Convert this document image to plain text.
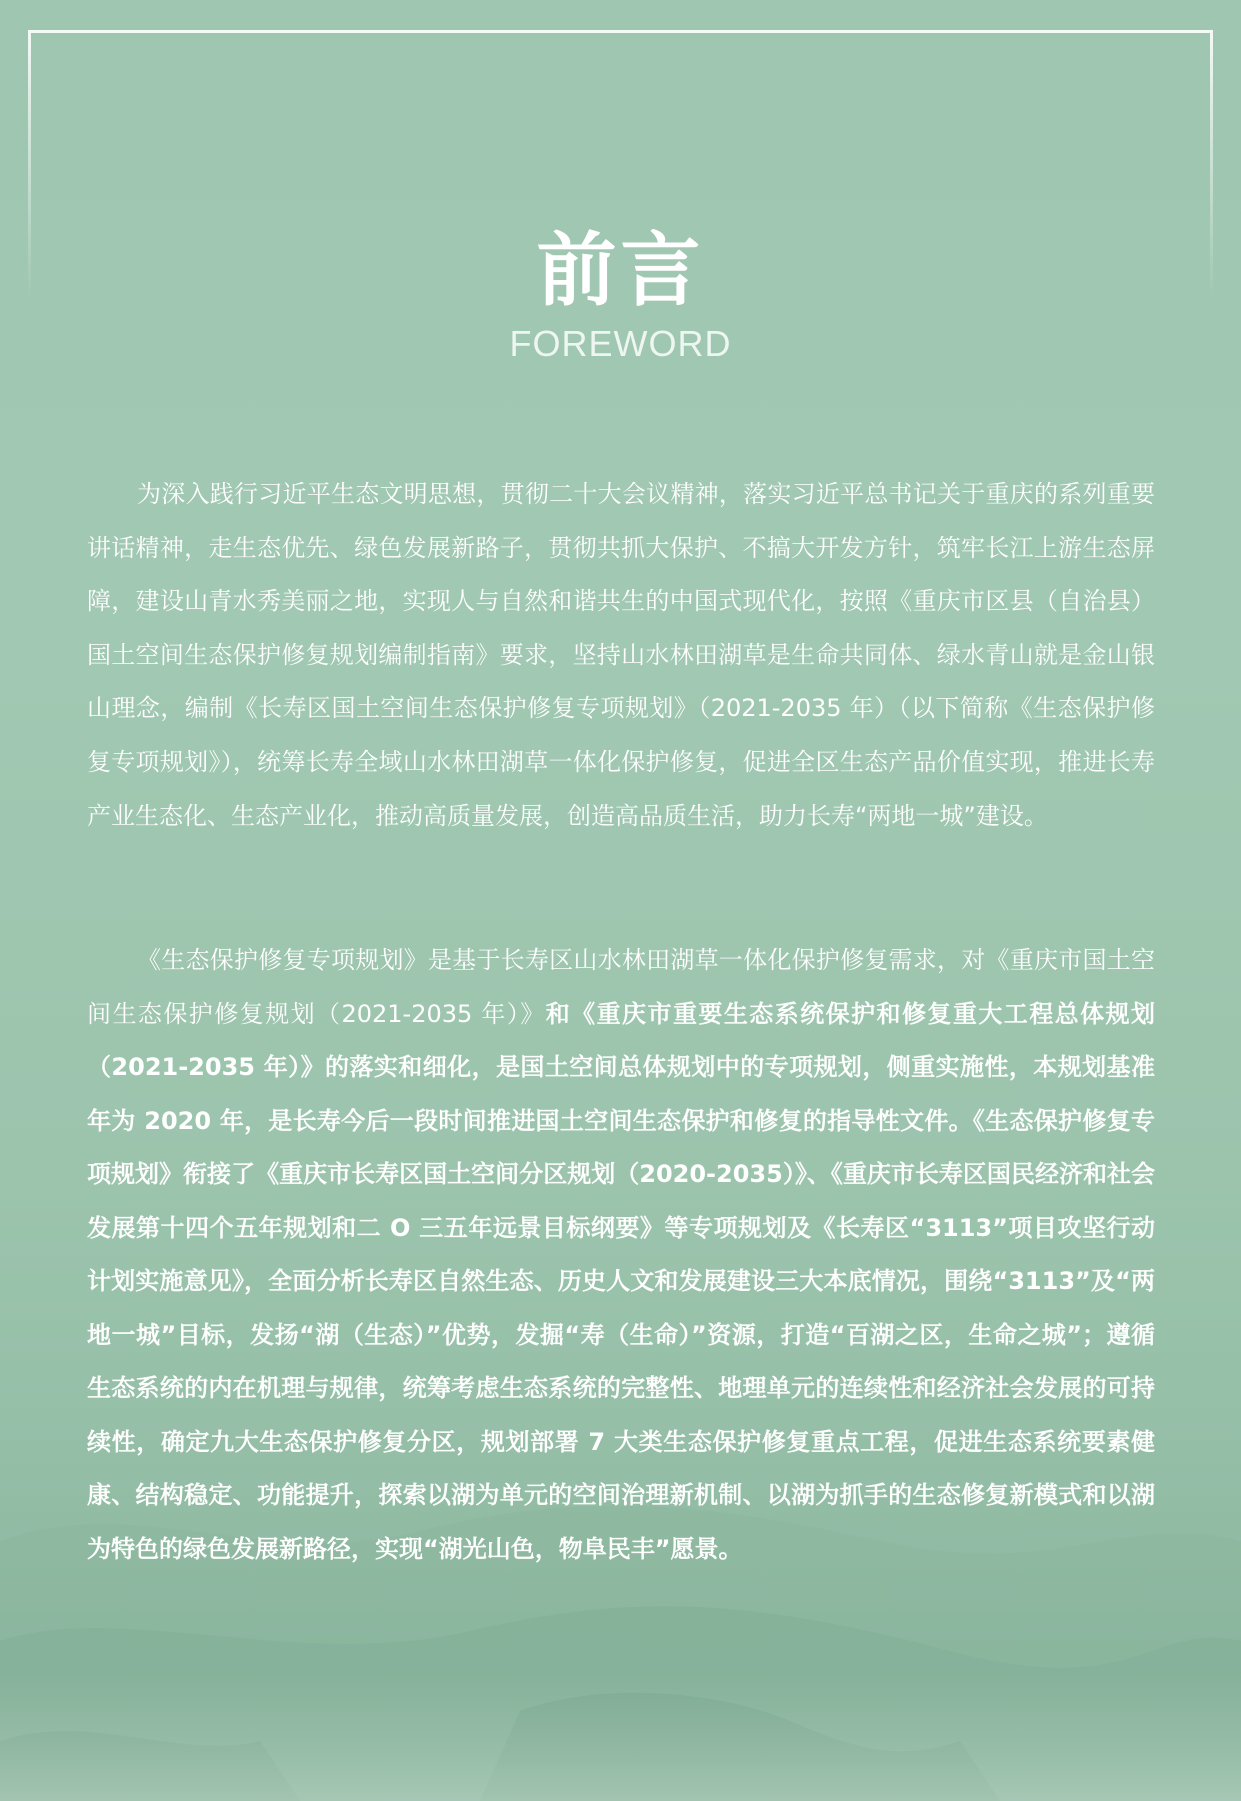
前言
FOREWORD

为深入践行习近平生态文明思想，贯彻二十大会议精神，落实习近平总书记关于重庆的系列重要讲话精神，走生态优先、绿色发展新路子，贯彻共抓大保护、不搞大开发方针，筑牢长江上游生态屏障，建设山青水秀美丽之地，实现人与自然和谐共生的中国式现代化，按照《重庆市区县（自治县）国土空间生态保护修复规划编制指南》要求，坚持山水林田湖草是生命共同体、绿水青山就是金山银山理念，编制《长寿区国土空间生态保护修复专项规划》（2021-2035 年）（以下简称《生态保护修复专项规划》），统筹长寿全域山水林田湖草一体化保护修复，促进全区生态产品价值实现，推进长寿产业生态化、生态产业化，推动高质量发展，创造高品质生活，助力长寿“两地一城”建设。

《生态保护修复专项规划》是基于长寿区山水林田湖草一体化保护修复需求，对《重庆市国土空间生态保护修复规划（2021-2035 年）》和《重庆市重要生态系统保护和修复重大工程总体规划（2021-2035 年）》的落实和细化，是国土空间总体规划中的专项规划，侧重实施性，本规划基准年为 2020 年，是长寿今后一段时间推进国土空间生态保护和修复的指导性文件。《生态保护修复专项规划》衔接了《重庆市长寿区国土空间分区规划（2020-2035）》、《重庆市长寿区国民经济和社会发展第十四个五年规划和二 O 三五年远景目标纲要》等专项规划及《长寿区“3113”项目攻坚行动计划实施意见》，全面分析长寿区自然生态、历史人文和发展建设三大本底情况，围绕“3113”及“两地一城”目标，发扬“湖（生态）”优势，发掘“寿（生命）”资源，打造“百湖之区，生命之城”；遵循生态系统的内在机理与规律，统筹考虑生态系统的完整性、地理单元的连续性和经济社会发展的可持续性，确定九大生态保护修复分区，规划部署 7 大类生态保护修复重点工程，促进生态系统要素健康、结构稳定、功能提升，探索以湖为单元的空间治理新机制、以湖为抓手的生态修复新模式和以湖为特色的绿色发展新路径，实现“湖光山色，物阜民丰”愿景。
